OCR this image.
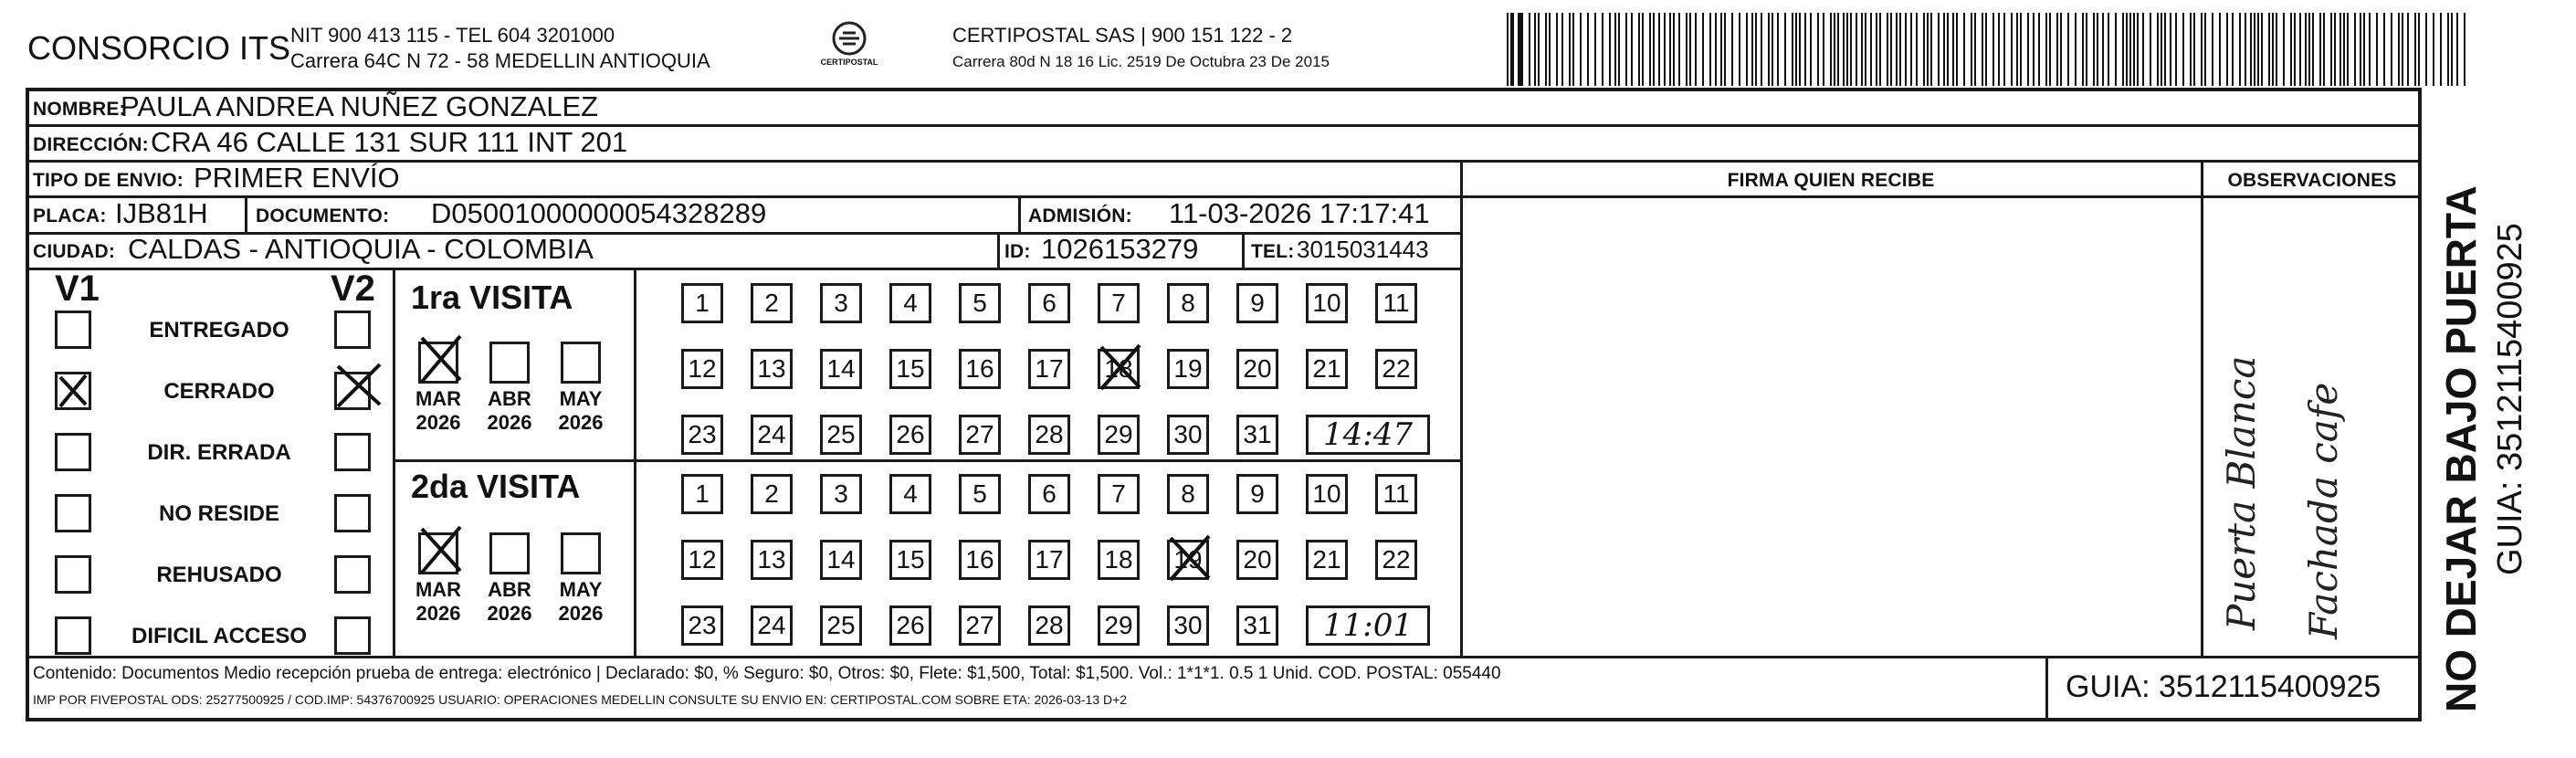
CONSORCIO ITS NIT 900 413 115 - TEL 604 3201000
Carrera 64C N 72 - 58 MEDELLIN ANTIOQUIA	CERTIPOSTAL
CERTIPOSTAL SAS | 900 151 122 - 2
Carrera 80d N 18 16 Lic. 2519 De Octubra 23 De 2015
NOMBRE:
PAULA ANDREA NUÑEZ GONZALEZ
DIRECCIÓN: CRA 46 CALLE 131 SUR 111 INT 201
TIPO DE ENVIO: PRIMER ENVÍO	FIRMA QUIEN RECIBE	OBSERVACIONES
PLACA: IJB81H DOCUMENTO: D05001000000054328289	ADMISIÓN: 11-03-2026 17:17:41
CIUDAD: CALDAS - ANTIOQUIA - COLOMBIA	ID: 1026153279	TEL: 3015031443
V1	V2
ENTREGADO
CERRADO
DIR. ERRADA
NO RESIDE
REHUSADO
DIFICIL ACCESO
1ra VISITA
2da VISITA
MAR
2026
ABR
2026
MAY
2026
1	2	3	4	5	6	7	8	9	10	11
12 13 14 15 16 17 18 19 20 21 22
23 24 25 26 27 28 29 30 31	14:47
MAR
2026
ABR
2026
MAY
2026
1	2	3	4	5	6	7	8	9	10	11
12 13 14 15 16 17 18 19 20 21 22
23 24 25 26 27 28 29 30 31	11:01	Puerta Blanca Fachada cafe NO DEJAR BAJO PUERTA GUIA: 3512115400925
Contenido: Documentos Medio recepción prueba de entrega: electrónico | Declarado: $0, % Seguro: $0, Otros: $0, Flete: $1,500, Total: $1,500. Vol.: 1*1*1. 0.5 1 Unid. COD. POSTAL: 055440
IMP POR FIVEPOSTAL ODS: 25277500925 / COD.IMP: 54376700925 USUARIO: OPERACIONES MEDELLIN CONSULTE SU ENVIO EN: CERTIPOSTAL.COM SOBRE ETA: 2026-03-13 D+2	GUIA: 3512115400925
